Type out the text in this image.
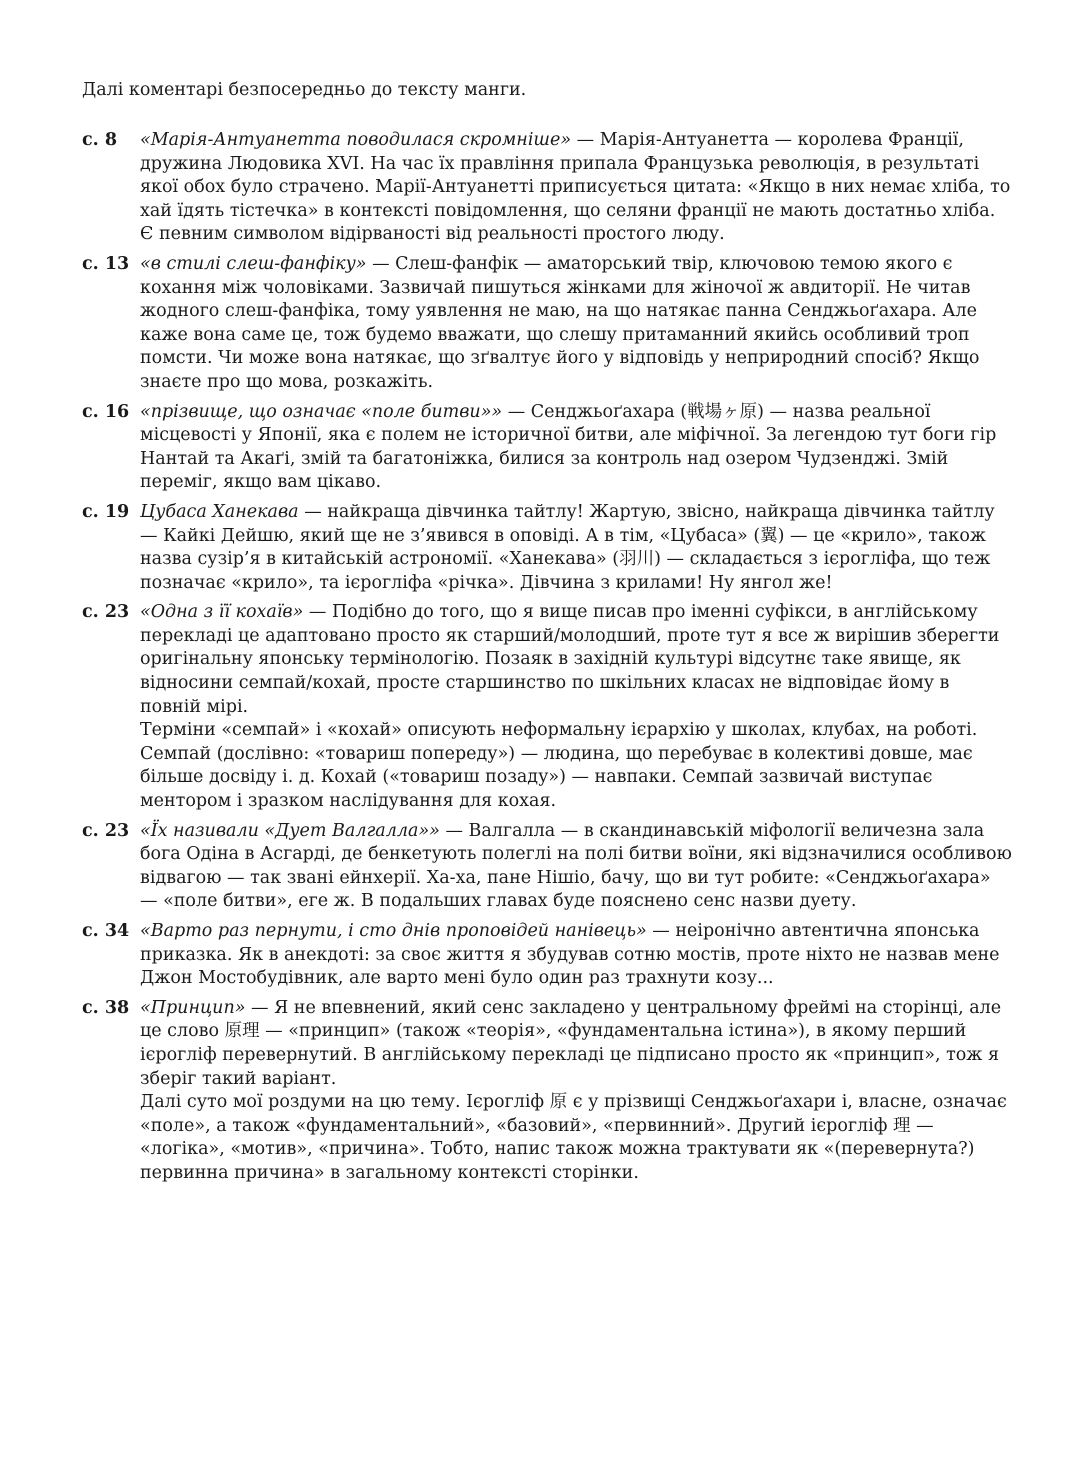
Далі коментарі безпосередньо до тексту манги.

с. 8	«Марія-Антуанетта поводилася скромніше» — Марія-Антуанетта — королева Франції, дружина Людовика XVI. На час їх правління припала Французька революція, в результаті якої обох було страчено. Марії-Антуанетті приписується цитата: «Якщо в них немає хліба, то хай їдять тістечка» в контексті повідомлення, що селяни франції не мають достатньо хліба. Є певним символом відірваності від реальності простого люду.

с. 13 «в стилі слеш-фанфіку» — Слеш-фанфік — аматорський твір, ключовою темою якого є кохання між чоловіками. Зазвичай пишуться жінками для жіночої ж авдиторії. Не читав жодного слеш-фанфіка, тому уявлення не маю, на що натякає панна Сенджьоґахара. Але каже вона саме це, тож будемо вважати, що слешу притаманний якийсь особливий троп помсти. Чи може вона натякає, що зґвалтує його у відповідь у неприродний спосіб? Якщо знаєте про що мова, розкажіть.

с. 16 «прізвище, що означає «поле битви»» — Сенджьоґахара (戦場ヶ原) — назва реальної місцевості у Японії, яка є полем не історичної битви, але міфічної. За легендою тут боги гір Нантай та Акаґі, змій та багатоніжка, билися за контроль над озером Чудзенджі. Змій переміг, якщо вам цікаво.

с. 19 Цубаса Ханекава — найкраща дівчинка тайтлу! Жартую, звісно, найкраща дівчинка тайтлу — Кайкі Дейшю, який ще не з’явився в оповіді. А в тім, «Цубаса» (翼) — це «крило», також назва сузір’я в китайській астрономії. «Ханекава» (羽川) — складається з ієрогліфа, що теж позначає «крило», та ієрогліфа «річка». Дівчина з крилами! Ну янгол же!

с. 23 «Одна з її кохаїв» — Подібно до того, що я вище писав про іменні суфікси, в англійському перекладі це адаптовано просто як старший/молодший, проте тут я все ж вирішив зберегти оригінальну японську термінологію. Позаяк в західній культурі відсутнє таке явище, як відносини семпай/кохай, просте старшинство по шкільних класах не відповідає йому в повній мірі.

Терміни «семпай» і «кохай» описують неформальну ієрархію у школах, клубах, на роботі. Семпай (дослівно: «товариш попереду») — людина, що перебуває в колективі довше, має більше досвіду і. д. Кохай («товариш позаду») — навпаки. Семпай зазвичай виступає ментором і зразком наслідування для кохая.

с. 23 «Їх називали «Дует Валгалла»» — Валгалла — в скандинавській міфології величезна зала бога Одіна в Асгарді, де бенкетують полеглі на полі битви воїни, які відзначилися особливою відвагою — так звані ейнхерії. Ха-ха, пане Нішіо, бачу, що ви тут робите: «Сенджьоґахара» — «поле битви», еге ж. В подальших главах буде пояснено сенс назви дуету.

с. 34 «Варто раз пернути, і сто днів проповідей нанівець» — неіронічно автентична японська приказка. Як в анекдоті: за своє життя я збудував сотню мостів, проте ніхто не назвав мене Джон Мостобудівник, але варто мені було один раз трахнути козу...

с. 38 «Принцип» — Я не впевнений, який сенс закладено у центральному фреймі на сторінці, але це слово 原理 — «принцип» (також «теорія», «фундаментальна істина»), в якому перший ієрогліф перевернутий. В англійському перекладі це підписано просто як «принцип», тож я зберіг такий варіант.

Далі суто мої роздуми на цю тему. Ієрогліф 原 є у прізвищі Сенджьоґахари і, власне, означає «поле», а також «фундаментальний», «базовий», «первинний». Другий ієрогліф 理 — «логіка», «мотив», «причина». Тобто, напис також можна трактувати як «(перевернута?) первинна причина» в загальному контексті сторінки.
